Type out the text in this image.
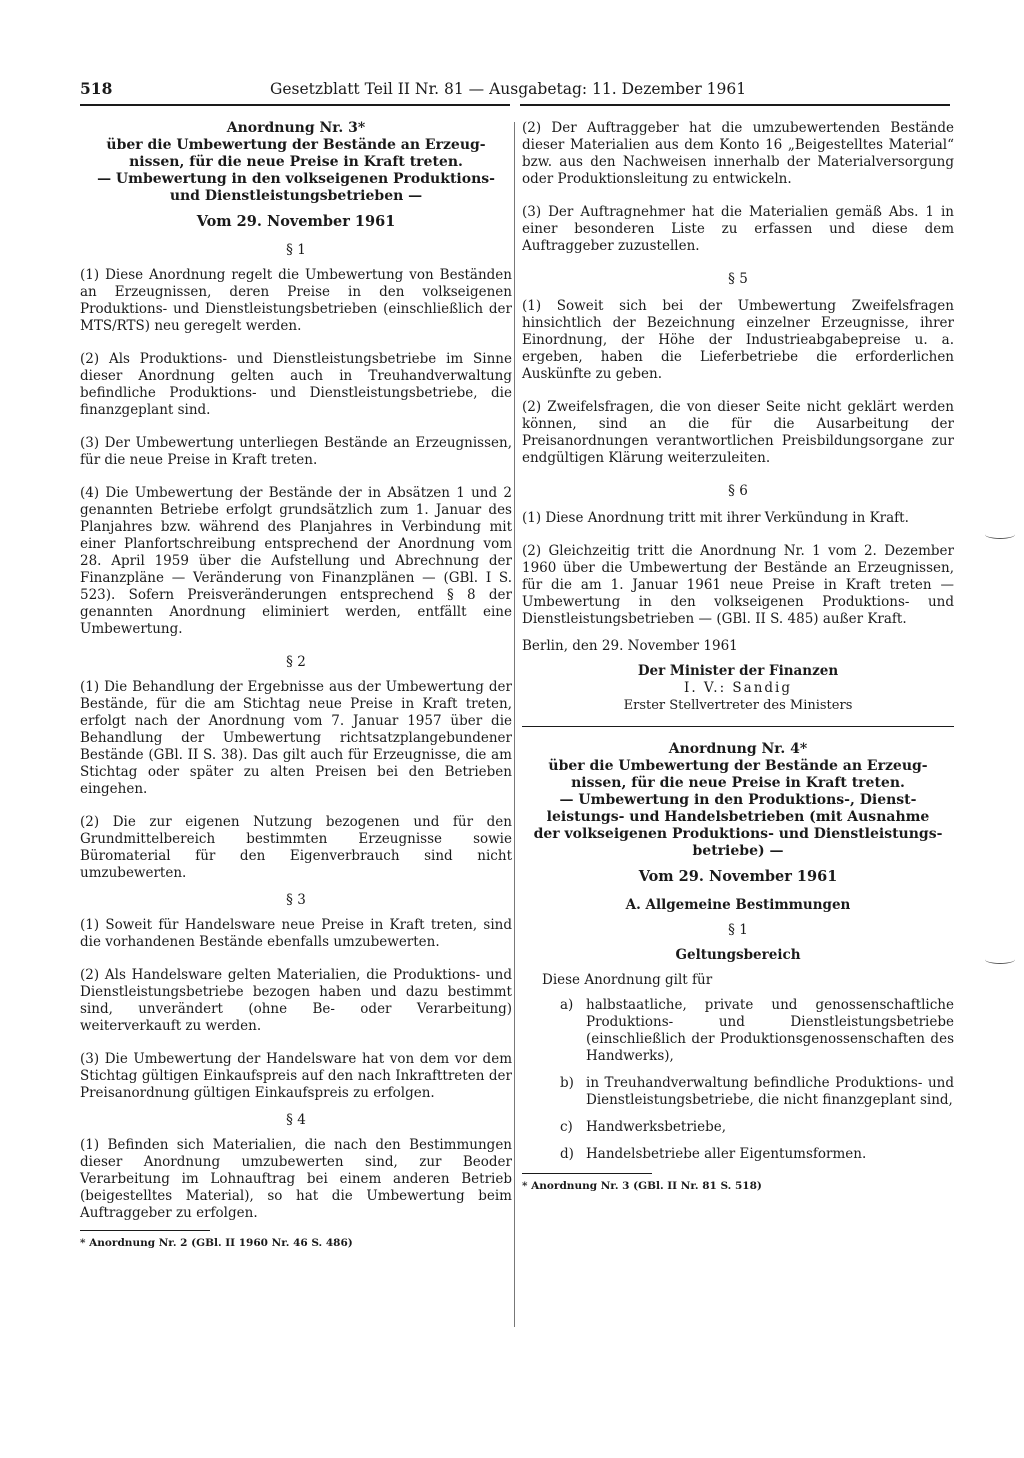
518	Gesetzblatt Teil II Nr. 81 — Ausgabetag: 11. Dezember 1961
Anordnung Nr. 3*
über die Umbewertung der Bestände an Erzeug-
nissen, für die neue Preise in Kraft treten.
— Umbewertung in den volkseigenen Produktions-
und Dienstleistungsbetrieben —
Vom 29. November 1961
§ 1

(1) Diese Anordnung regelt die Umbewertung von Beständen an Erzeugnissen, deren Preise in den volkseigenen Produktions- und Dienstleistungsbetrieben (einschließlich der MTS/RTS) neu geregelt werden.

(2) Als Produktions- und Dienstleistungsbetriebe im Sinne dieser Anordnung gelten auch in Treuhandverwaltung befindliche Produktions- und Dienstleistungsbetriebe, die finanzgeplant sind.

(3) Der Umbewertung unterliegen Bestände an Erzeugnissen, für die neue Preise in Kraft treten.

(4) Die Umbewertung der Bestände der in Absätzen 1 und 2 genannten Betriebe erfolgt grundsätzlich zum 1. Januar des Planjahres bzw. während des Planjahres in Verbindung mit einer Planfortschreibung entsprechend der Anordnung vom 28. April 1959 über die Aufstellung und Abrechnung der Finanzpläne — Veränderung von Finanzplänen — (GBl. I S. 523). Sofern Preisveränderungen entsprechend § 8 der genannten Anordnung eliminiert werden, entfällt eine Umbewertung.

§ 2

(1) Die Behandlung der Ergebnisse aus der Umbewertung der Bestände, für die am Stichtag neue Preise in Kraft treten, erfolgt nach der Anordnung vom 7. Januar 1957 über die Behandlung der Umbewertung richtsatzplangebundener Bestände (GBl. II S. 38). Das gilt auch für Erzeugnisse, die am Stichtag oder später zu alten Preisen bei den Betrieben eingehen.

(2) Die zur eigenen Nutzung bezogenen und für den Grundmittelbereich bestimmten Erzeugnisse sowie Büromaterial für den Eigenverbrauch sind nicht umzubewerten.

§ 3

(1) Soweit für Handelsware neue Preise in Kraft treten, sind die vorhandenen Bestände ebenfalls umzubewerten.

(2) Als Handelsware gelten Materialien, die Produktions- und Dienstleistungsbetriebe bezogen haben und dazu bestimmt sind, unverändert (ohne Be- oder Verarbeitung) weiterverkauft zu werden.

(3) Die Umbewertung der Handelsware hat von dem vor dem Stichtag gültigen Einkaufspreis auf den nach Inkrafttreten der Preisanordnung gültigen Einkaufspreis zu erfolgen.

§ 4

(1) Befinden sich Materialien, die nach den Bestimmungen dieser Anordnung umzubewerten sind, zur Beoder Verarbeitung im Lohnauftrag bei einem anderen Betrieb (beigestelltes Material), so hat die Umbewertung beim Auftraggeber zu erfolgen.

* Anordnung Nr. 2 (GBl. II 1960 Nr. 46 S. 486)

(2) Der Auftraggeber hat die umzubewertenden Bestände dieser Materialien aus dem Konto 16 „Beigestelltes Material“ bzw. aus den Nachweisen innerhalb der Materialversorgung oder Produktionsleitung zu entwickeln.

(3) Der Auftragnehmer hat die Materialien gemäß Abs. 1 in einer besonderen Liste zu erfassen und diese dem Auftraggeber zuzustellen.

§ 5

(1) Soweit sich bei der Umbewertung Zweifelsfragen hinsichtlich der Bezeichnung einzelner Erzeugnisse, ihrer Einordnung, der Höhe der Industrieabgabepreise u. a. ergeben, haben die Lieferbetriebe die erforderlichen Auskünfte zu geben.

(2) Zweifelsfragen, die von dieser Seite nicht geklärt werden können, sind an die für die Ausarbeitung der Preisanordnungen verantwortlichen Preisbildungsorgane zur endgültigen Klärung weiterzuleiten.

§ 6

(1) Diese Anordnung tritt mit ihrer Verkündung in Kraft.

(2) Gleichzeitig tritt die Anordnung Nr. 1 vom 2. Dezember 1960 über die Umbewertung der Bestände an Erzeugnissen, für die am 1. Januar 1961 neue Preise in Kraft treten — Umbewertung in den volkseigenen Produktions- und Dienstleistungsbetrieben — (GBl. II S. 485) außer Kraft.

Berlin, den 29. November 1961

Der Minister der Finanzen
I. V.: Sandig
Erster Stellvertreter des Ministers
Anordnung Nr. 4*
über die Umbewertung der Bestände an Erzeug-
nissen, für die neue Preise in Kraft treten.
— Umbewertung in den Produktions-, Dienst-
leistungs- und Handelsbetrieben (mit Ausnahme
der volkseigenen Produktions- und Dienstleistungs-
betriebe) —
Vom 29. November 1961
A. Allgemeine Bestimmungen
§ 1
Geltungsbereich

Diese Anordnung gilt für

a) halbstaatliche, private und genossenschaftliche Produktions- und Dienstleistungsbetriebe (einschließlich der Produktionsgenossenschaften des Handwerks),
b) in Treuhandverwaltung befindliche Produktions- und Dienstleistungsbetriebe, die nicht finanzgeplant sind,
c) Handwerksbetriebe,
d) Handelsbetriebe aller Eigentumsformen.
* Anordnung Nr. 3 (GBl. II Nr. 81 S. 518)
